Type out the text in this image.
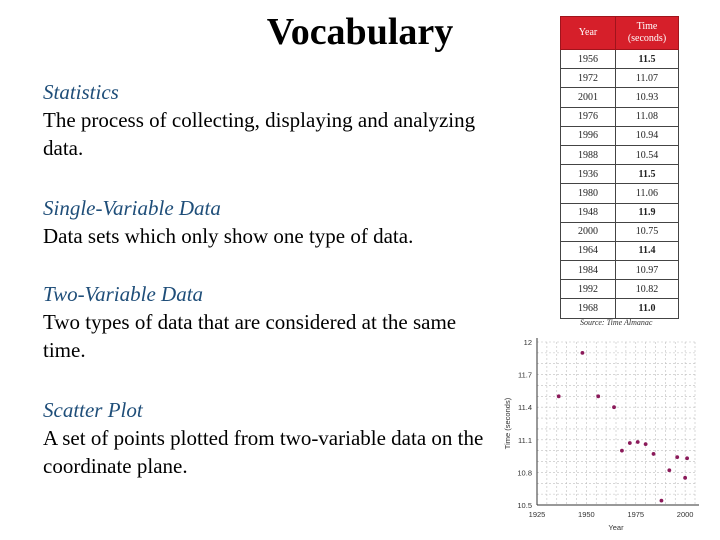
Vocabulary
Statistics
The process of collecting, displaying and analyzing data.
Single-Variable Data
Data sets which only show one type of data.
Two-Variable Data
Two types of data that are considered at the same time.
Scatter Plot
A set of points plotted from two-variable data on the coordinate plane.
Year	Time (seconds)
1956	11.5
1972	11.07
2001	10.93
1976	11.08
1996	10.94
1988	10.54
1936	11.5
1980	11.06
1948	11.9
2000	10.75
1964	11.4
1984	10.97
1992	10.82
1968	11.0
Source: Time Almanac
10.5
10.8
11.1
11.4
11.7
12
1925	1950	1975	2000
Year
Time (seconds)
